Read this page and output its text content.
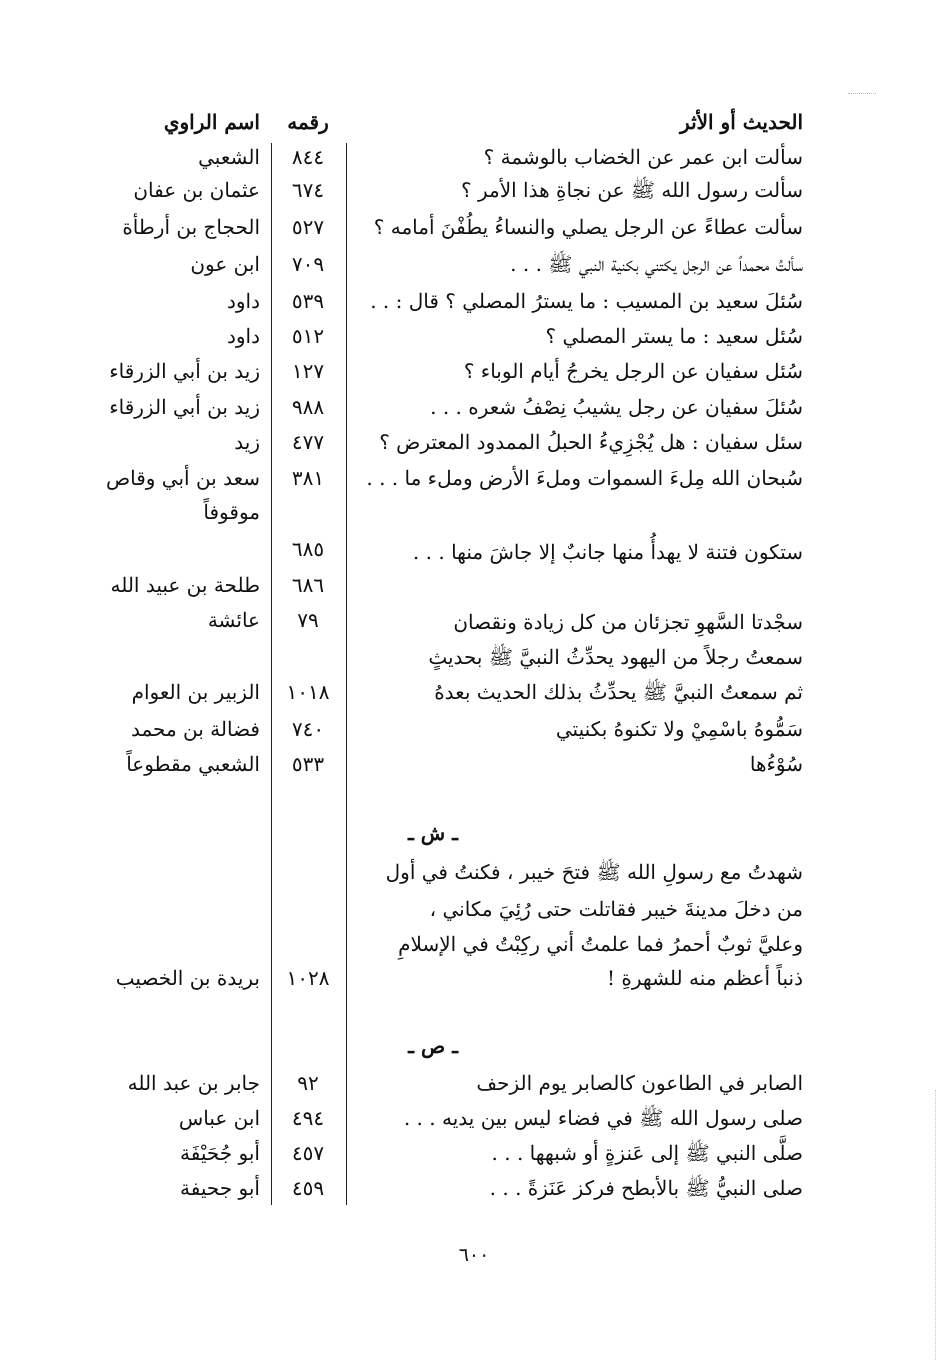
الحديث أو الأثر
رقمه
اسم الراوي
سألت ابن عمر عن الخضاب بالوشمة ؟
٨٤٤
الشعبي
سألت رسول الله ﷺ عن نجاةِ هذا الأمر ؟
٦٧٤
عثمان بن عفان
سألت عطاءً عن الرجل يصلي والنساءُ يطُفْنَ أمامه ؟
٥٢٧
الحجاج بن أرطأة
سألتُ محمداً عن الرجل يكتني بكنية النبي ﷺ . . .
٧٠٩
ابن عون
سُئلَ سعيد بن المسيب : ما يسترُ المصلي ؟ قال : . .
٥٣٩
داود
سُئل سعيد : ما يستر المصلي ؟
٥١٢
داود
سُئل سفيان عن الرجل يخرجُ أيام الوباء ؟
١٢٧
زيد بن أبي الزرقاء
سُئلَ سفيان عن رجل يشيبُ نِصْفُ شعره . . .
٩٨٨
زيد بن أبي الزرقاء
سئل سفيان : هل يُجْزِيءُ الحبلُ الممدود المعترض ؟
٤٧٧
زيد
سُبحان الله مِلءَ السموات وملءَ الأرض وملء ما . . .
٣٨١
سعد بن أبي وقاص
موقوفاً
ستكون فتنة لا يهدأُ منها جانبٌ إلا جاشَ منها . . .
٦٨٥
٦٨٦
طلحة بن عبيد الله
٧٩
عائشة	سجْدتا السَّهوِ تجزئان من كل زيادة ونقصان
سمعتُ رجلاً من اليهود يحدِّثُ النبيَّ ﷺ بحديثٍ
ثم سمعتُ النبيَّ ﷺ يحدِّثُ بذلك الحديث بعدهُ
١٠١٨
الزبير بن العوام
سَمُّوهُ باسْمِيْ ولا تكنوهُ بكنيتي
٧٤٠
فضالة بن محمد
سُوْءُها
٥٣٣
الشعبي مقطوعاً
ـ ش ـ
شهدتُ مع رسولِ الله ﷺ فتحَ خيبر ، فكنتُ في أول
من دخلَ مدينةَ خيبر فقاتلت حتى رُئِيَ مكاني ،
وعليَّ ثوبٌ أحمرُ فما علمتُ أني ركِبْتُ في الإسلامِ
ذنباً أعظم منه للشهرةِ !
١٠٢٨
بريدة بن الخصيب
ـ ص ـ
الصابر في الطاعون كالصابر يوم الزحف
٩٢
جابر بن عبد الله
صلى رسول الله ﷺ في فضاء ليس بين يديه . . .
٤٩٤
ابن عباس
صلَّى النبي ﷺ إلى عَنزةٍ أو شبهها . . .
٤٥٧
أبو جُحَيْفَة
صلى النبيُّ ﷺ بالأبطح فركز عَنَزةً . . .
٤٥٩
أبو جحيفة
٦٠٠
